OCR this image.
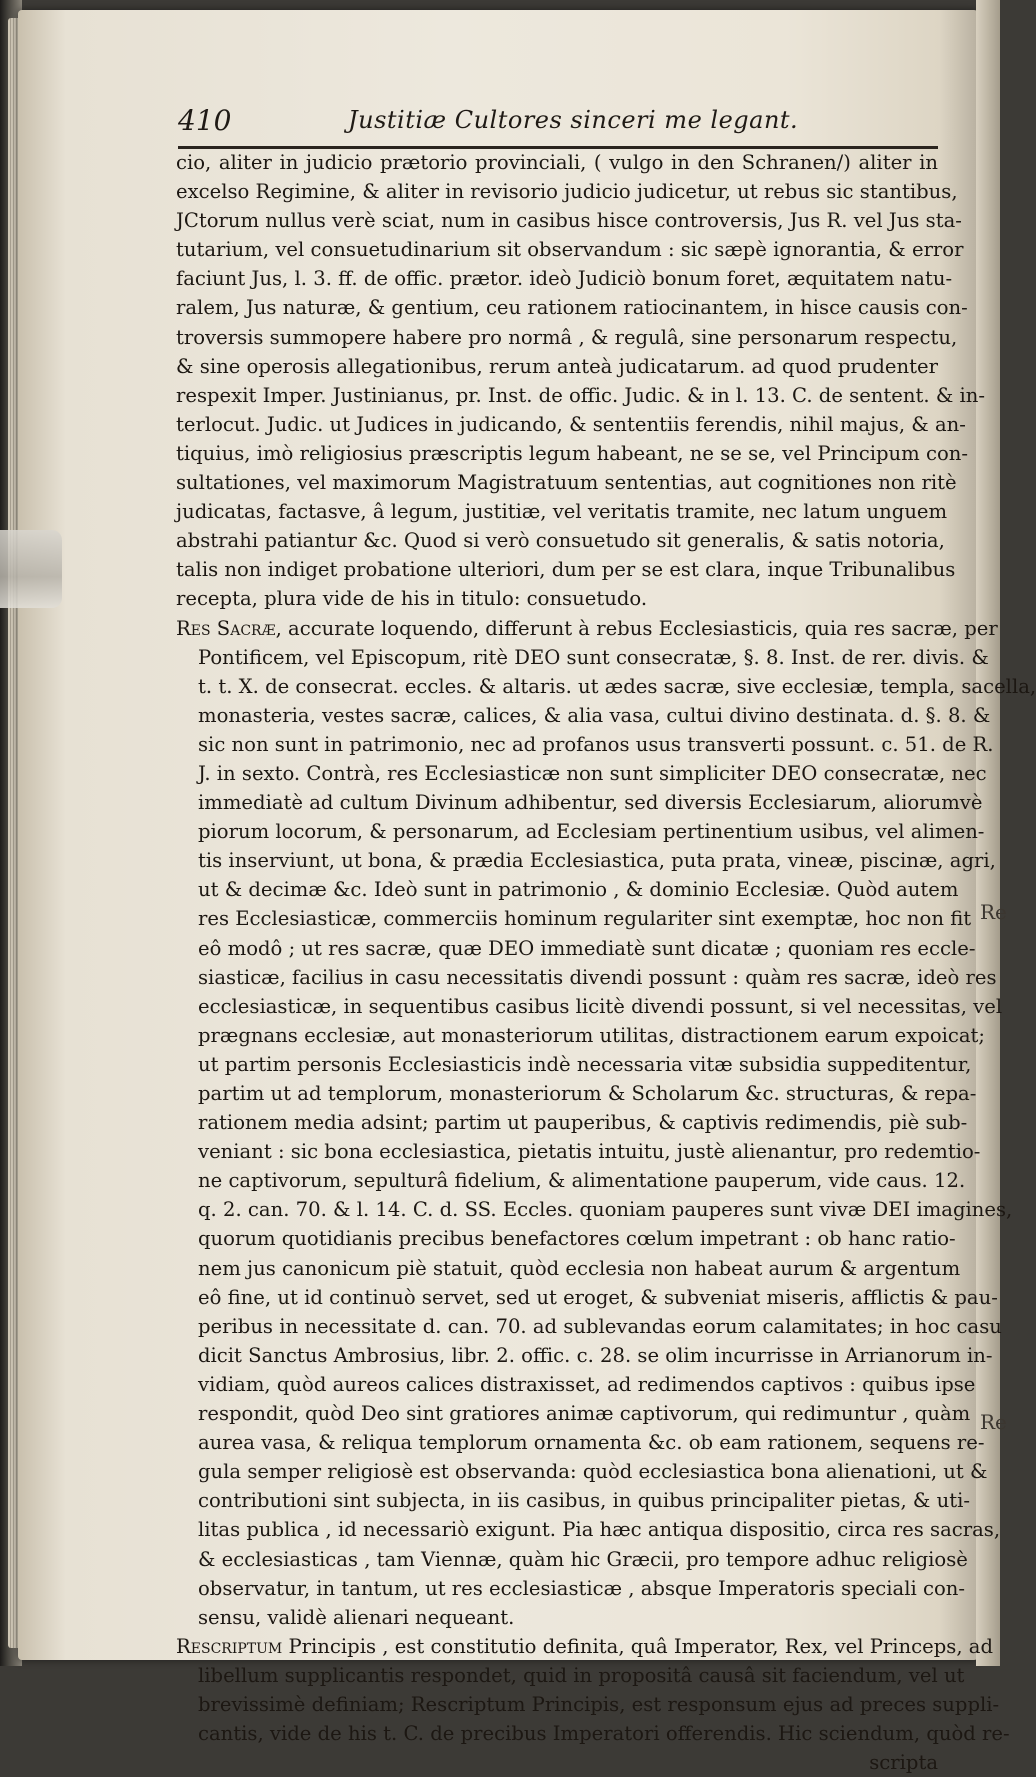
Re
Re
410	Justitiæ Cultores sinceri me legant.
cio, aliter in judicio prætorio provinciali, ( vulgo in den Schranen/) aliter in
excelso Regimine, & aliter in revisorio judicio judicetur, ut rebus sic stantibus,
JCtorum nullus verè sciat, num in casibus hisce controversis, Jus R. vel Jus sta-
tutarium, vel consuetudinarium sit observandum : sic sæpè ignorantia, & error
faciunt Jus, l. 3. ff. de offic. prætor. ideò Judiciò bonum foret, æquitatem natu-
ralem, Jus naturæ, & gentium, ceu rationem ratiocinantem, in hisce causis con-
troversis summopere habere pro normâ , & regulâ, sine personarum respectu,
& sine operosis allegationibus, rerum anteà judicatarum. ad quod prudenter
respexit Imper. Justinianus, pr. Inst. de offic. Judic. & in l. 13. C. de sentent. & in-
terlocut. Judic. ut Judices in judicando, & sententiis ferendis, nihil majus, & an-
tiquius, imò religiosius præscriptis legum habeant, ne se se, vel Principum con-
sultationes, vel maximorum Magistratuum sententias, aut cognitiones non ritè
judicatas, factasve, â legum, justitiæ, vel veritatis tramite, nec latum unguem
abstrahi patiantur &c. Quod si verò consuetudo sit generalis, & satis notoria,
talis non indiget probatione ulteriori, dum per se est clara, inque Tribunalibus
recepta, plura vide de his in titulo: consuetudo.
Res Sacræ, accurate loquendo, differunt à rebus Ecclesiasticis, quia res sacræ, per
Pontificem, vel Episcopum, ritè DEO sunt consecratæ, §. 8. Inst. de rer. divis. &
t. t. X. de consecrat. eccles. & altaris. ut ædes sacræ, sive ecclesiæ, templa, sacella,
monasteria, vestes sacræ, calices, & alia vasa, cultui divino destinata. d. §. 8. &
sic non sunt in patrimonio, nec ad profanos usus transverti possunt. c. 51. de R.
J. in sexto. Contrà, res Ecclesiasticæ non sunt simpliciter DEO consecratæ, nec
immediatè ad cultum Divinum adhibentur, sed diversis Ecclesiarum, aliorumvè
piorum locorum, & personarum, ad Ecclesiam pertinentium usibus, vel alimen-
tis inserviunt, ut bona, & prædia Ecclesiastica, puta prata, vineæ, piscinæ, agri,
ut & decimæ &c. Ideò sunt in patrimonio , & dominio Ecclesiæ. Quòd autem
res Ecclesiasticæ, commerciis hominum regulariter sint exemptæ, hoc non fit
eô modô ; ut res sacræ, quæ DEO immediatè sunt dicatæ ; quoniam res eccle-
siasticæ, facilius in casu necessitatis divendi possunt : quàm res sacræ, ideò res
ecclesiasticæ, in sequentibus casibus licitè divendi possunt, si vel necessitas, vel
prægnans ecclesiæ, aut monasteriorum utilitas, distractionem earum expoicat;
ut partim personis Ecclesiasticis indè necessaria vitæ subsidia suppeditentur,
partim ut ad templorum, monasteriorum & Scholarum &c. structuras, & repa-
rationem media adsint; partim ut pauperibus, & captivis redimendis, piè sub-
veniant : sic bona ecclesiastica, pietatis intuitu, justè alienantur, pro redemtio-
ne captivorum, sepulturâ fidelium, & alimentatione pauperum, vide caus. 12.
q. 2. can. 70. & l. 14. C. d. SS. Eccles. quoniam pauperes sunt vivæ DEI imagines,
quorum quotidianis precibus benefactores cœlum impetrant : ob hanc ratio-
nem jus canonicum piè statuit, quòd ecclesia non habeat aurum & argentum
eô fine, ut id continuò servet, sed ut eroget, & subveniat miseris, afflictis & pau-
peribus in necessitate d. can. 70. ad sublevandas eorum calamitates; in hoc casu
dicit Sanctus Ambrosius, libr. 2. offic. c. 28. se olim incurrisse in Arrianorum in-
vidiam, quòd aureos calices distraxisset, ad redimendos captivos : quibus ipse
respondit, quòd Deo sint gratiores animæ captivorum, qui redimuntur , quàm
aurea vasa, & reliqua templorum ornamenta &c. ob eam rationem, sequens re-
gula semper religiosè est observanda: quòd ecclesiastica bona alienationi, ut &
contributioni sint subjecta, in iis casibus, in quibus principaliter pietas, & uti-
litas publica , id necessariò exigunt. Pia hæc antiqua dispositio, circa res sacras,
& ecclesiasticas , tam Viennæ, quàm hic Græcii, pro tempore adhuc religiosè
observatur, in tantum, ut res ecclesiasticæ , absque Imperatoris speciali con-
sensu, validè alienari nequeant.
Rescriptum Principis , est constitutio definita, quâ Imperator, Rex, vel Princeps, ad
libellum supplicantis respondet, quid in propositâ causâ sit faciendum, vel ut
brevissimè definiam; Rescriptum Principis, est responsum ejus ad preces suppli-
cantis, vide de his t. C. de precibus Imperatori offerendis. Hic sciendum, quòd re-
scripta
